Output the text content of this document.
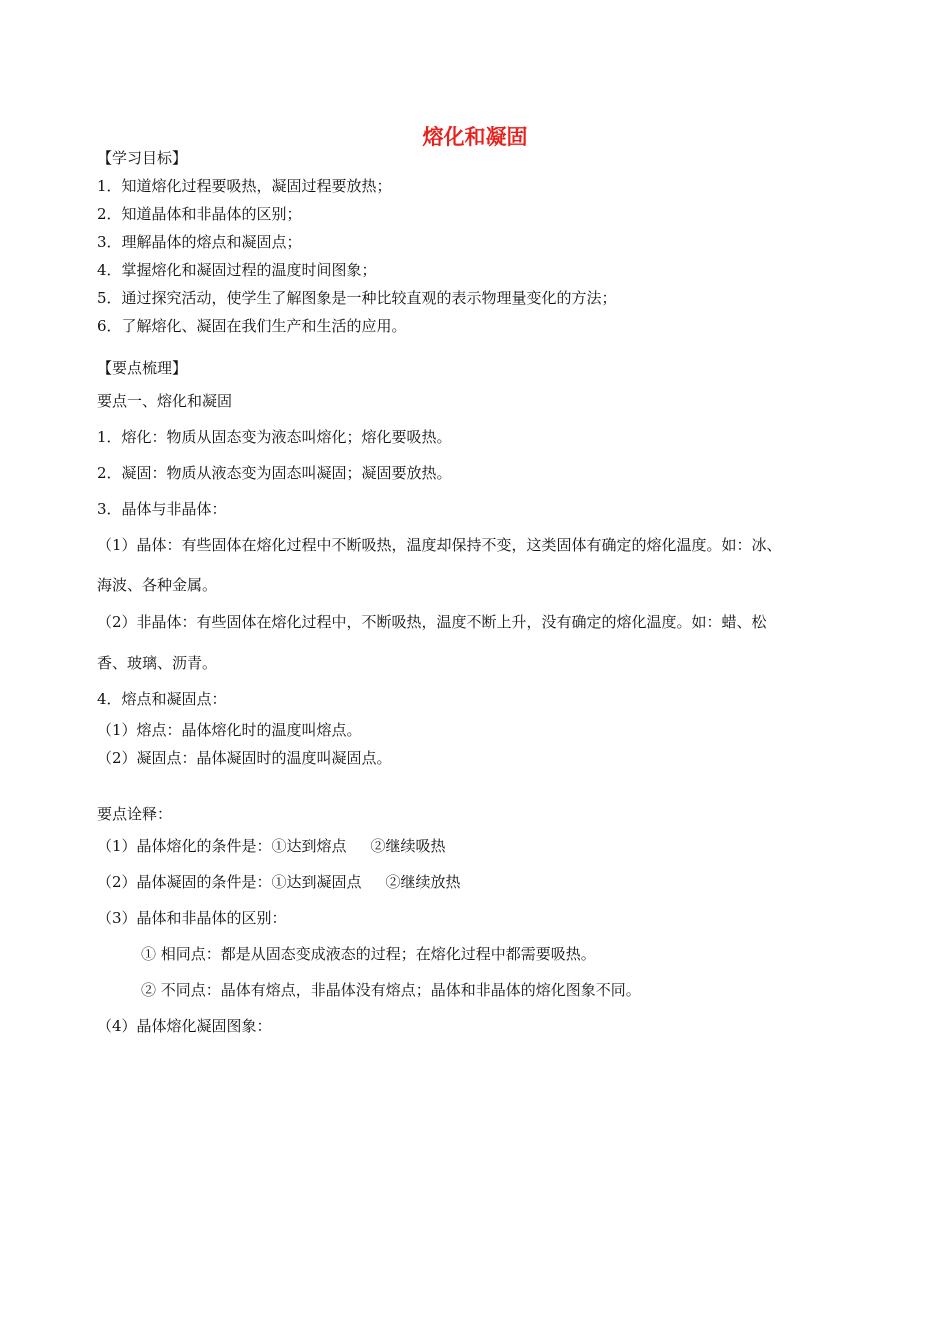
熔化和凝固
【学习目标】
1．知道熔化过程要吸热，凝固过程要放热；
2．知道晶体和非晶体的区别；
3．理解晶体的熔点和凝固点；
4．掌握熔化和凝固过程的温度时间图象；
5．通过探究活动，使学生了解图象是一种比较直观的表示物理量变化的方法；
6．了解熔化、凝固在我们生产和生活的应用。
【要点梳理】
要点一、熔化和凝固
1．熔化：物质从固态变为液态叫熔化；熔化要吸热。
2．凝固：物质从液态变为固态叫凝固；凝固要放热。
3．晶体与非晶体：
（1）晶体：有些固体在熔化过程中不断吸热，温度却保持不变，这类固体有确定的熔化温度。如：冰、
海波、各种金属。
（2）非晶体：有些固体在熔化过程中，不断吸热，温度不断上升，没有确定的熔化温度。如：蜡、松
香、玻璃、沥青。
4．熔点和凝固点：
（1）熔点：晶体熔化时的温度叫熔点。
（2）凝固点：晶体凝固时的温度叫凝固点。
要点诠释：
（1）晶体熔化的条件是：①达到熔点 ②继续吸热
（2）晶体凝固的条件是：①达到凝固点 ②继续放热
（3）晶体和非晶体的区别：
① 相同点：都是从固态变成液态的过程；在熔化过程中都需要吸热。
② 不同点：晶体有熔点，非晶体没有熔点；晶体和非晶体的熔化图象不同。
（4）晶体熔化凝固图象：
